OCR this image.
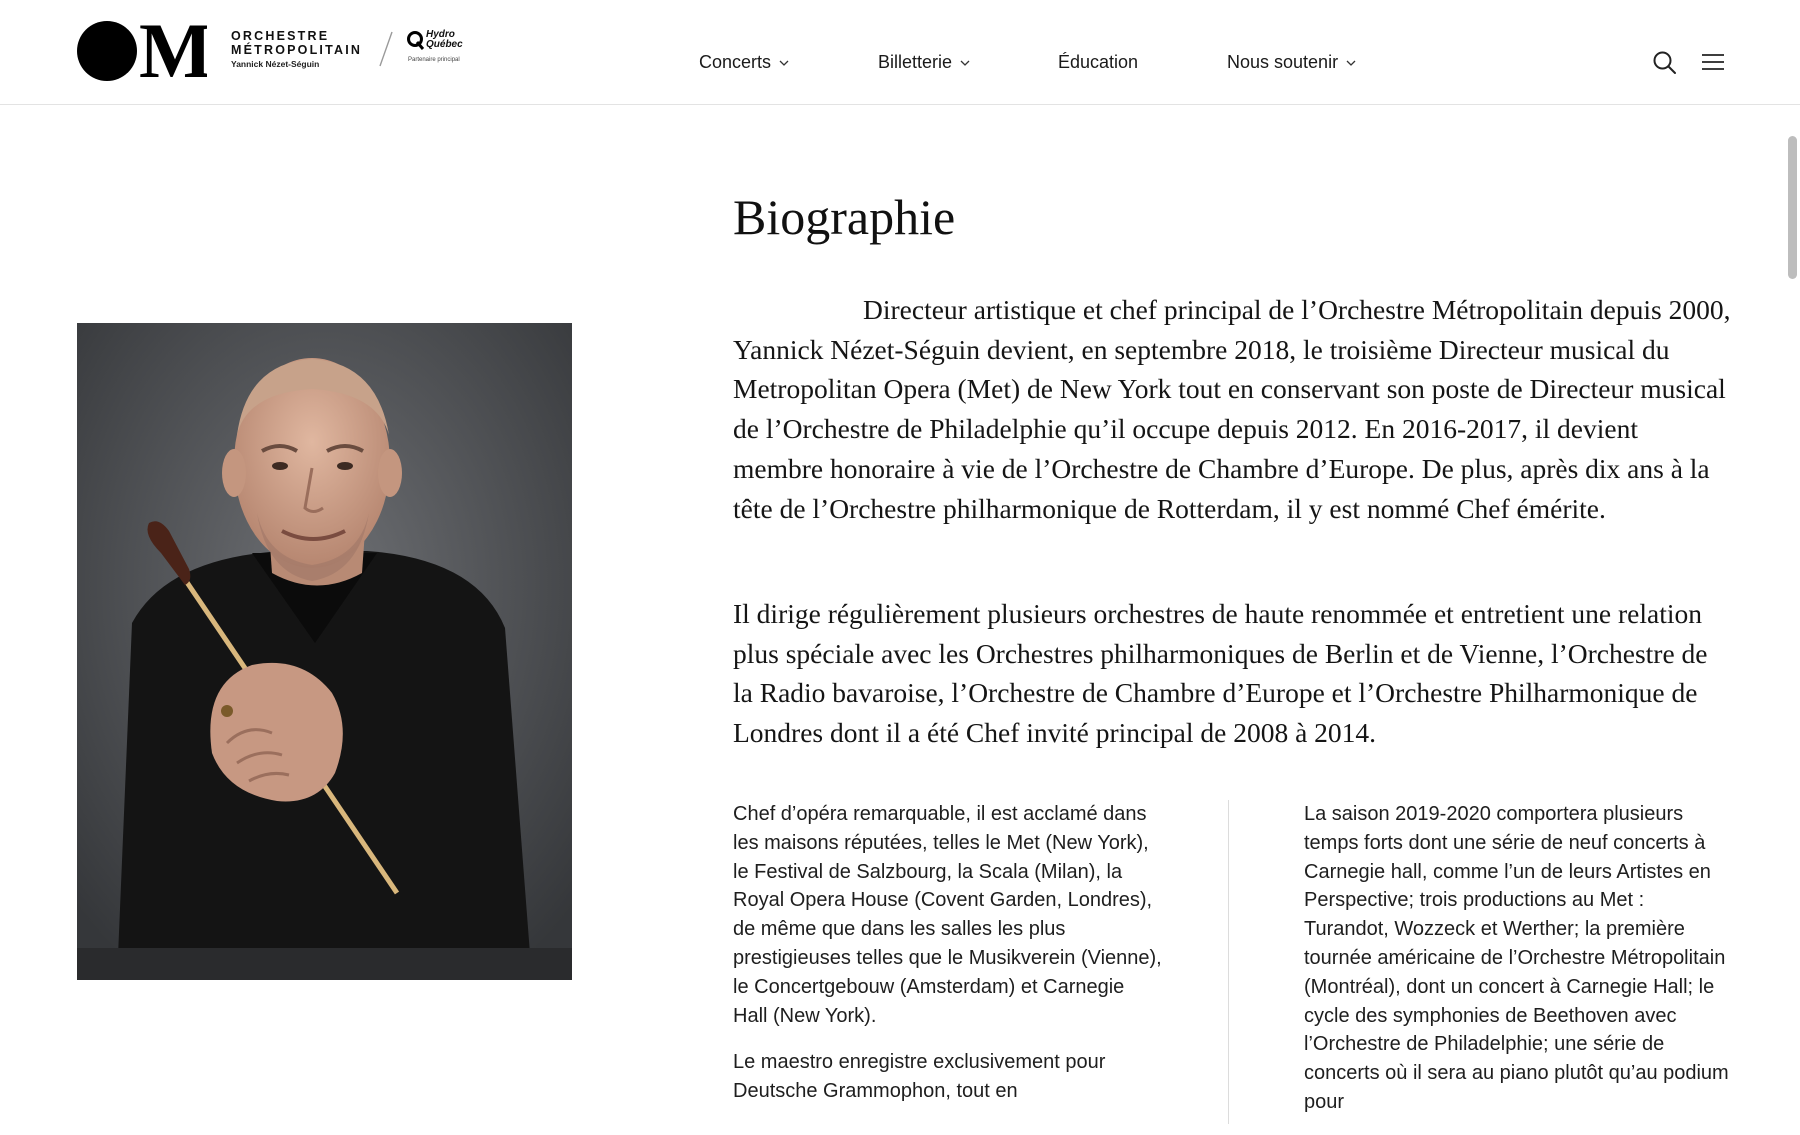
M ORCHESTRE
MÉTROPOLITAIN
Yannick Nézet-Séguin
Hydro Québec
Partenaire principal	Concerts	Billetterie	Éducation	Nous soutenir
Biographie

Directeur artistique et chef principal de l’Orchestre Métropolitain depuis 2000, Yannick Nézet-Séguin devient, en septembre 2018, le troisième Directeur musical du Metropolitan Opera (Met) de New York tout en conservant son poste de Directeur musical de l’Orchestre de Philadelphie qu’il occupe depuis 2012. En 2016-2017, il devient membre honoraire à vie de l’Orchestre de Chambre d’Europe. De plus, après dix ans à la tête de l’Orchestre philharmonique de Rotterdam, il y est nommé Chef émérite.

Il dirige régulièrement plusieurs orchestres de haute renommée et entretient une relation plus spéciale avec les Orchestres philharmoniques de Berlin et de Vienne, l’Orchestre de la Radio bavaroise, l’Orchestre de Chambre d’Europe et l’Orchestre Philharmonique de Londres dont il a été Chef invité principal de 2008 à 2014.

Chef d’opéra remarquable, il est acclamé dans les maisons réputées, telles le Met (New York), le Festival de Salzbourg, la Scala (Milan), la Royal Opera House (Covent Garden, Londres), de même que dans les salles les plus prestigieuses telles que le Musikverein (Vienne), le Concertgebouw (Amsterdam) et Carnegie Hall (New York).

Le maestro enregistre exclusivement pour Deutsche Grammophon, tout en

La saison 2019-2020 comportera plusieurs temps forts dont une série de neuf concerts à Carnegie hall, comme l’un de leurs Artistes en Perspective; trois productions au Met : Turandot, Wozzeck et Werther; la première tournée américaine de l’Orchestre Métropolitain (Montréal), dont un concert à Carnegie Hall; le cycle des symphonies de Beethoven avec l’Orchestre de Philadelphie; une série de concerts où il sera au piano plutôt qu’au podium pour
